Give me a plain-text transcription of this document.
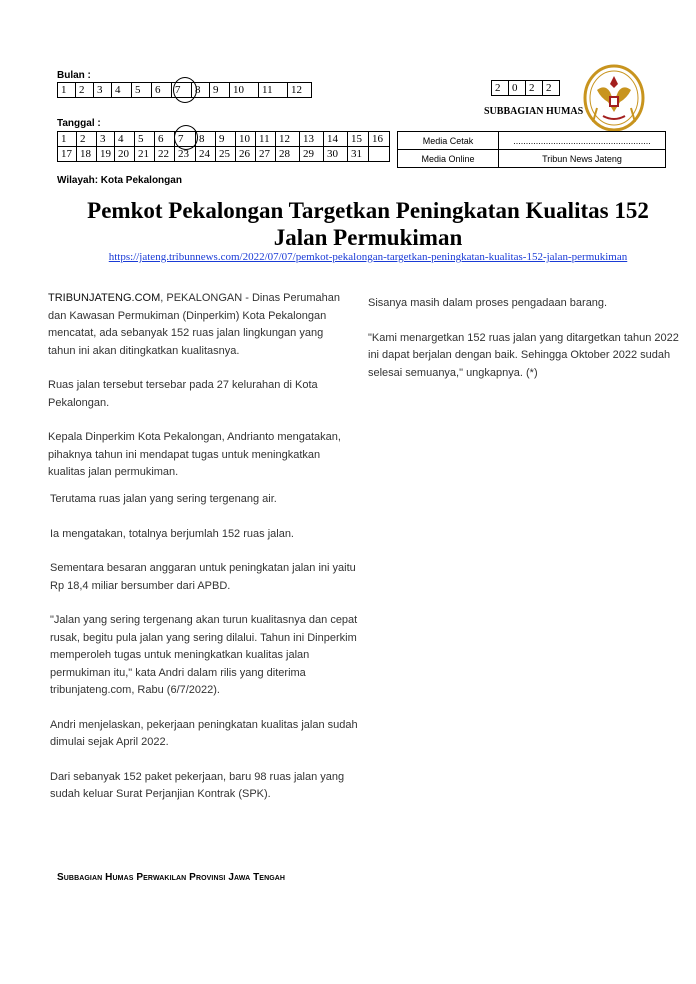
Bulan :
1	2	3	4	5	6	7	8	9	10	11	12	2	0	2	2
SUBBAGIAN HUMAS
Tanggal :
1	2	3	4	5	6	7	8	9	10	11	12	13	14	15	16
17	18	19	20	21	22	23	24	25	26	27	28	29	30	31	
Media Cetak	.......................................................
Media Online	Tribun News Jateng
Wilayah: Kota Pekalongan
Pemkot Pekalongan Targetkan Peningkatan Kualitas 152
Jalan Permukiman
https://jateng.tribunnews.com/2022/07/07/pemkot-pekalongan-targetkan-peningkatan-kualitas-152-jalan-permukiman

TRIBUNJATENG.COM, PEKALONGAN - Dinas Perumahan dan Kawasan Permukiman (Dinperkim) Kota Pekalongan mencatat, ada sebanyak 152 ruas jalan lingkungan yang tahun ini akan ditingkatkan kualitasnya.

Ruas jalan tersebut tersebar pada 27 kelurahan di Kota Pekalongan.

Kepala Dinperkim Kota Pekalongan, Andrianto mengatakan, pihaknya tahun ini mendapat tugas untuk meningkatkan kualitas jalan permukiman.

Terutama ruas jalan yang sering tergenang air.

Ia mengatakan, totalnya berjumlah 152 ruas jalan.

Sementara besaran anggaran untuk peningkatan jalan ini yaitu Rp 18,4 miliar bersumber dari APBD.

"Jalan yang sering tergenang akan turun kualitasnya dan cepat rusak, begitu pula jalan yang sering dilalui. Tahun ini Dinperkim memperoleh tugas untuk meningkatkan kualitas jalan permukiman itu," kata Andri dalam rilis yang diterima tribunjateng.com, Rabu (6/7/2022).

Andri menjelaskan, pekerjaan peningkatan kualitas jalan sudah dimulai sejak April 2022.

Dari sebanyak 152 paket pekerjaan, baru 98 ruas jalan yang sudah keluar Surat Perjanjian Kontrak (SPK).

Sisanya masih dalam proses pengadaan barang.

"Kami menargetkan 152 ruas jalan yang ditargetkan tahun 2022 ini dapat berjalan dengan baik. Sehingga Oktober 2022 sudah selesai semuanya," ungkapnya. (*)

Subbagian Humas Perwakilan Provinsi Jawa Tengah
